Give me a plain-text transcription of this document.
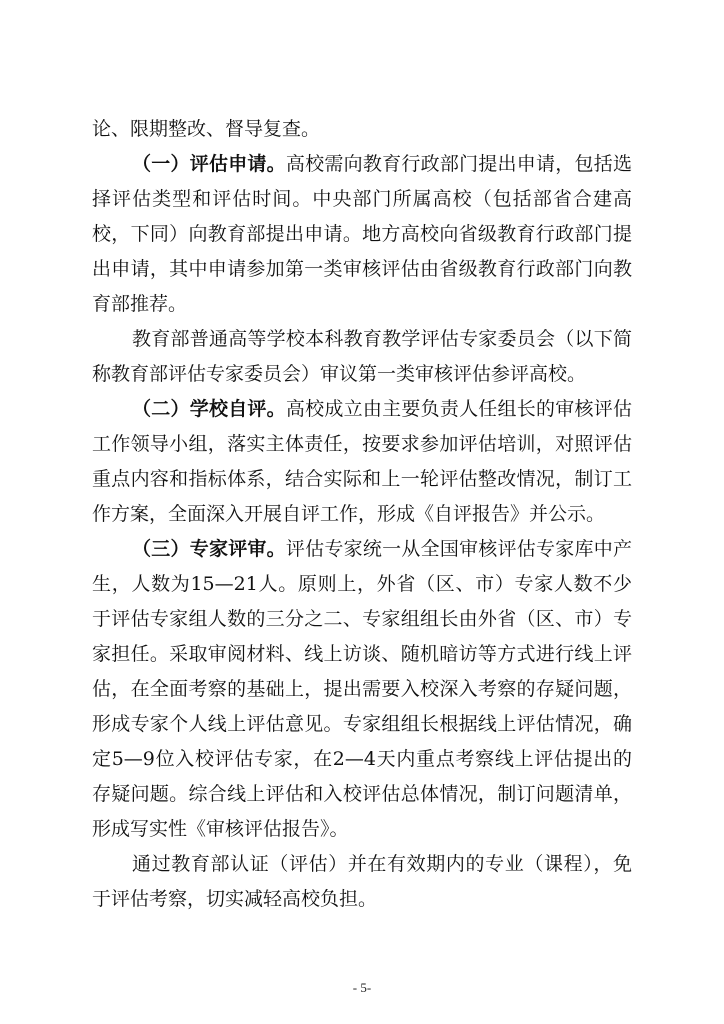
论、限期整改、督导复查。

（一）评估申请。高校需向教育行政部门提出申请，包括选择评估类型和评估时间。中央部门所属高校（包括部省合建高校，下同）向教育部提出申请。地方高校向省级教育行政部门提出申请，其中申请参加第一类审核评估由省级教育行政部门向教育部推荐。

教育部普通高等学校本科教育教学评估专家委员会（以下简称教育部评估专家委员会）审议第一类审核评估参评高校。

（二）学校自评。高校成立由主要负责人任组长的审核评估工作领导小组，落实主体责任，按要求参加评估培训，对照评估重点内容和指标体系，结合实际和上一轮评估整改情况，制订工作方案，全面深入开展自评工作，形成《自评报告》并公示。

（三）专家评审。评估专家统一从全国审核评估专家库中产生，人数为15—21人。原则上，外省（区、市）专家人数不少于评估专家组人数的三分之二、专家组组长由外省（区、市）专家担任。采取审阅材料、线上访谈、随机暗访等方式进行线上评估，在全面考察的基础上，提出需要入校深入考察的存疑问题，形成专家个人线上评估意见。专家组组长根据线上评估情况，确定5—9位入校评估专家，在2—4天内重点考察线上评估提出的存疑问题。综合线上评估和入校评估总体情况，制订问题清单，形成写实性《审核评估报告》。

通过教育部认证（评估）并在有效期内的专业（课程），免于评估考察，切实减轻高校负担。

- 5-
